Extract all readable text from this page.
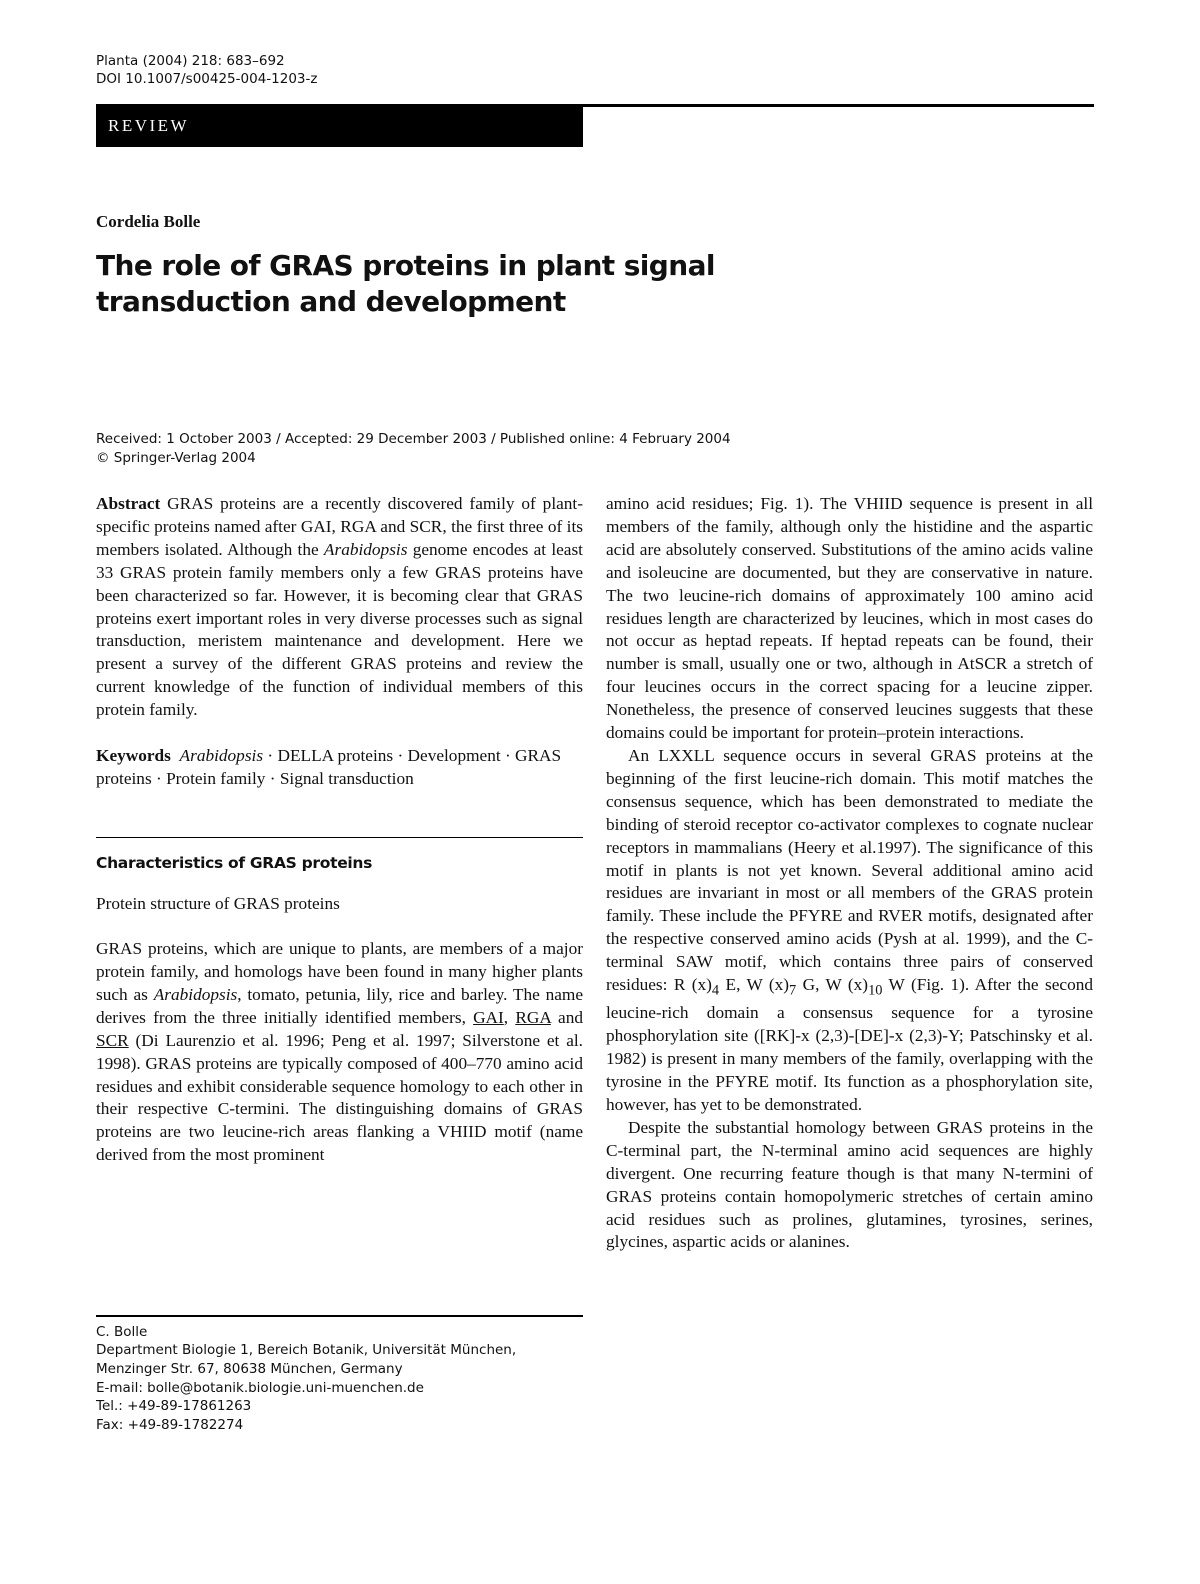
Planta (2004) 218: 683–692
DOI 10.1007/s00425-004-1203-z
REVIEW
Cordelia Bolle
The role of GRAS proteins in plant signal transduction and development
Received: 1 October 2003 / Accepted: 29 December 2003 / Published online: 4 February 2004
© Springer-Verlag 2004

Abstract GRAS proteins are a recently discovered family of plant-specific proteins named after GAI, RGA and SCR, the first three of its members isolated. Although the Arabidopsis genome encodes at least 33 GRAS protein family members only a few GRAS proteins have been characterized so far. However, it is becoming clear that GRAS proteins exert important roles in very diverse processes such as signal transduction, meristem maintenance and development. Here we present a survey of the different GRAS proteins and review the current knowledge of the function of individual members of this protein family.

Keywords Arabidopsis · DELLA proteins · Development · GRAS proteins · Protein family · Signal transduction

Characteristics of GRAS proteins

Protein structure of GRAS proteins

GRAS proteins, which are unique to plants, are members of a major protein family, and homologs have been found in many higher plants such as Arabidopsis, tomato, petunia, lily, rice and barley. The name derives from the three initially identified members, GAI, RGA and SCR (Di Laurenzio et al. 1996; Peng et al. 1997; Silverstone et al. 1998). GRAS proteins are typically composed of 400–770 amino acid residues and exhibit considerable sequence homology to each other in their respective C-termini. The distinguishing domains of GRAS proteins are two leucine-rich areas flanking a VHIID motif (name derived from the most prominent

C. Bolle
Department Biologie 1, Bereich Botanik, Universität München,
Menzinger Str. 67, 80638 München, Germany
E-mail: bolle@botanik.biologie.uni-muenchen.de
Tel.: +49-89-17861263
Fax: +49-89-1782274

amino acid residues; Fig. 1). The VHIID sequence is present in all members of the family, although only the histidine and the aspartic acid are absolutely conserved. Substitutions of the amino acids valine and isoleucine are documented, but they are conservative in nature. The two leucine-rich domains of approximately 100 amino acid residues length are characterized by leucines, which in most cases do not occur as heptad repeats. If heptad repeats can be found, their number is small, usually one or two, although in AtSCR a stretch of four leucines occurs in the correct spacing for a leucine zipper. Nonetheless, the presence of conserved leucines suggests that these domains could be important for protein–protein interactions.

An LXXLL sequence occurs in several GRAS proteins at the beginning of the first leucine-rich domain. This motif matches the consensus sequence, which has been demonstrated to mediate the binding of steroid receptor co-activator complexes to cognate nuclear receptors in mammalians (Heery et al.1997). The significance of this motif in plants is not yet known. Several additional amino acid residues are invariant in most or all members of the GRAS protein family. These include the PFYRE and RVER motifs, designated after the respective conserved amino acids (Pysh at al. 1999), and the C-terminal SAW motif, which contains three pairs of conserved residues: R $(x)_4$ E, W $(x)_7$ G, W $(x)_{10}$ W (Fig. 1). After the second leucine-rich domain a consensus sequence for a tyrosine phosphorylation site ([RK]-x (2,3)-[DE]-x (2,3)-Y; Patschinsky et al. 1982) is present in many members of the family, overlapping with the tyrosine in the PFYRE motif. Its function as a phosphorylation site, however, has yet to be demonstrated.

Despite the substantial homology between GRAS proteins in the C-terminal part, the N-terminal amino acid sequences are highly divergent. One recurring feature though is that many N-termini of GRAS proteins contain homopolymeric stretches of certain amino acid residues such as prolines, glutamines, tyrosines, serines, glycines, aspartic acids or alanines.
